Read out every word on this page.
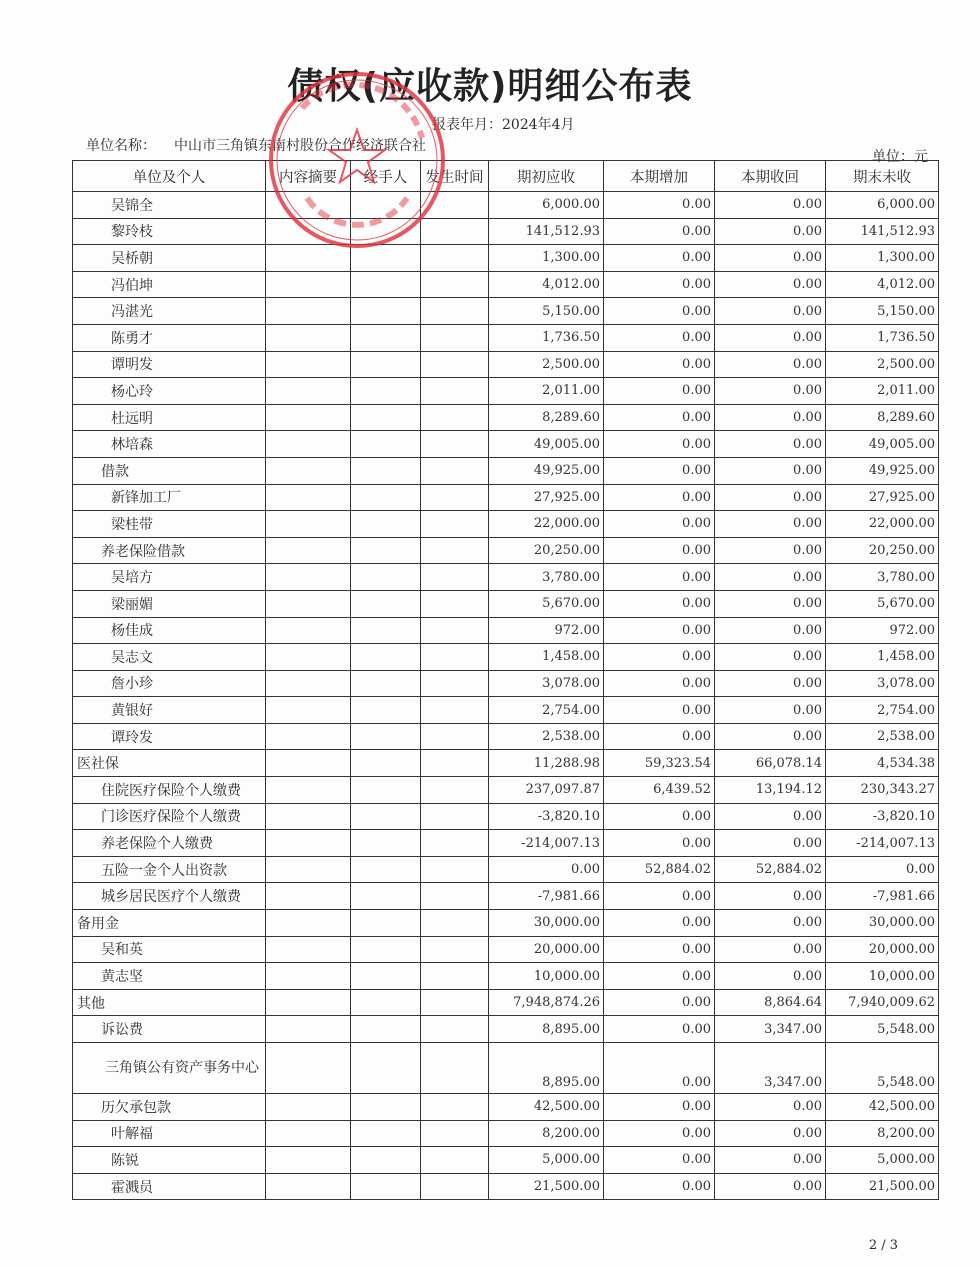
债权(应收款)明细公布表
报表年月：2024年4月
单位名称： 中山市三角镇东南村股份合作经济联合社
单位：元
单位及个人	内容摘要	经手人	发生时间	期初应收	本期增加	本期收回	期末未收
吴锦全				6,000.00	0.00	0.00	6,000.00
黎玲枝				141,512.93	0.00	0.00	141,512.93
吴桥朝				1,300.00	0.00	0.00	1,300.00
冯伯坤				4,012.00	0.00	0.00	4,012.00
冯湛光				5,150.00	0.00	0.00	5,150.00
陈勇才				1,736.50	0.00	0.00	1,736.50
谭明发				2,500.00	0.00	0.00	2,500.00
杨心玲				2,011.00	0.00	0.00	2,011.00
杜远明				8,289.60	0.00	0.00	8,289.60
林培森				49,005.00	0.00	0.00	49,005.00
借款				49,925.00	0.00	0.00	49,925.00
新锋加工厂				27,925.00	0.00	0.00	27,925.00
梁桂带				22,000.00	0.00	0.00	22,000.00
养老保险借款				20,250.00	0.00	0.00	20,250.00
吴培方				3,780.00	0.00	0.00	3,780.00
梁丽媚				5,670.00	0.00	0.00	5,670.00
杨佳成				972.00	0.00	0.00	972.00
吴志文				1,458.00	0.00	0.00	1,458.00
詹小珍				3,078.00	0.00	0.00	3,078.00
黄银好				2,754.00	0.00	0.00	2,754.00
谭玲发				2,538.00	0.00	0.00	2,538.00
医社保				11,288.98	59,323.54	66,078.14	4,534.38
住院医疗保险个人缴费				237,097.87	6,439.52	13,194.12	230,343.27
门诊医疗保险个人缴费				-3,820.10	0.00	0.00	-3,820.10
养老保险个人缴费				-214,007.13	0.00	0.00	-214,007.13
五险一金个人出资款				0.00	52,884.02	52,884.02	0.00
城乡居民医疗个人缴费				-7,981.66	0.00	0.00	-7,981.66
备用金				30,000.00	0.00	0.00	30,000.00
吴和英				20,000.00	0.00	0.00	20,000.00
黄志坚				10,000.00	0.00	0.00	10,000.00
其他				7,948,874.26	0.00	8,864.64	7,940,009.62
诉讼费				8,895.00	0.00	3,347.00	5,548.00
　　三角镇公有资产事务中心				8,895.00	0.00	3,347.00	5,548.00
历欠承包款				42,500.00	0.00	0.00	42,500.00
叶解福				8,200.00	0.00	0.00	8,200.00
陈锐				5,000.00	0.00	0.00	5,000.00
霍溅员				21,500.00	0.00	0.00	21,500.00
2 / 3
